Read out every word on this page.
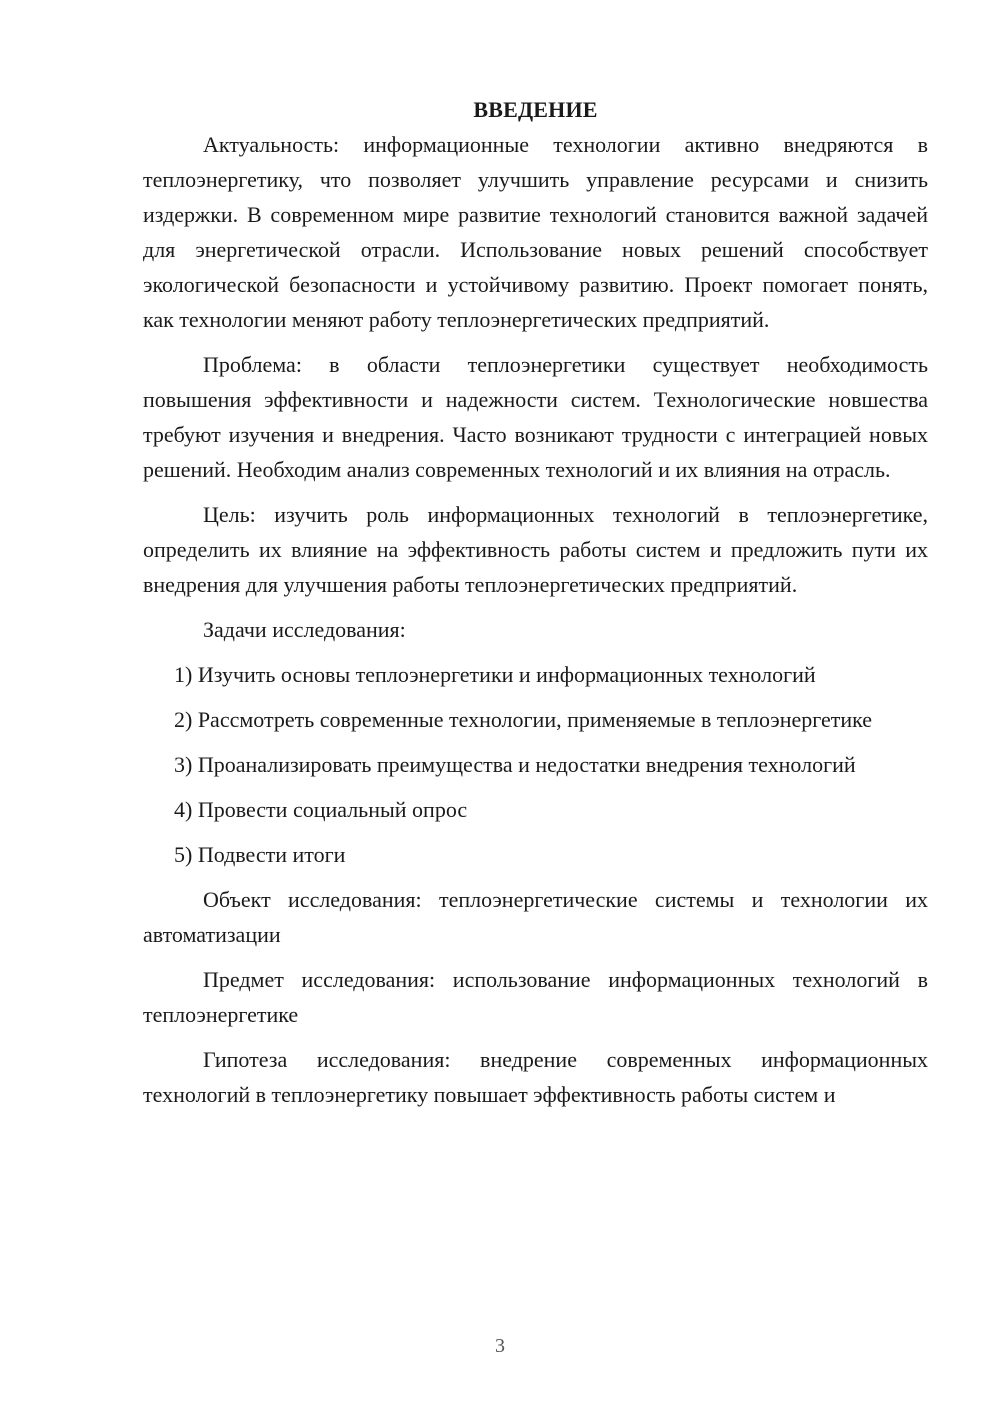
ВВЕДЕНИЕ

Актуальность: информационные технологии активно внедряются в теплоэнергетику, что позволяет улучшить управление ресурсами и снизить издержки. В современном мире развитие технологий становится важной задачей для энергетической отрасли. Использование новых решений способствует экологической безопасности и устойчивому развитию. Проект помогает понять, как технологии меняют работу теплоэнергетических предприятий.

Проблема: в области теплоэнергетики существует необходимость повышения эффективности и надежности систем. Технологические новшества требуют изучения и внедрения. Часто возникают трудности с интеграцией новых решений. Необходим анализ современных технологий и их влияния на отрасль.

Цель: изучить роль информационных технологий в теплоэнергетике, определить их влияние на эффективность работы систем и предложить пути их внедрения для улучшения работы теплоэнергетических предприятий.

Задачи исследования:

1) Изучить основы теплоэнергетики и информационных технологий

2) Рассмотреть современные технологии, применяемые в теплоэнергетике

3) Проанализировать преимущества и недостатки внедрения технологий

4) Провести социальный опрос

5) Подвести итоги

Объект исследования: теплоэнергетические системы и технологии их автоматизации

Предмет исследования: использование информационных технологий в теплоэнергетике

Гипотеза исследования: внедрение современных информационных технологий в теплоэнергетику повышает эффективность работы систем и

3
